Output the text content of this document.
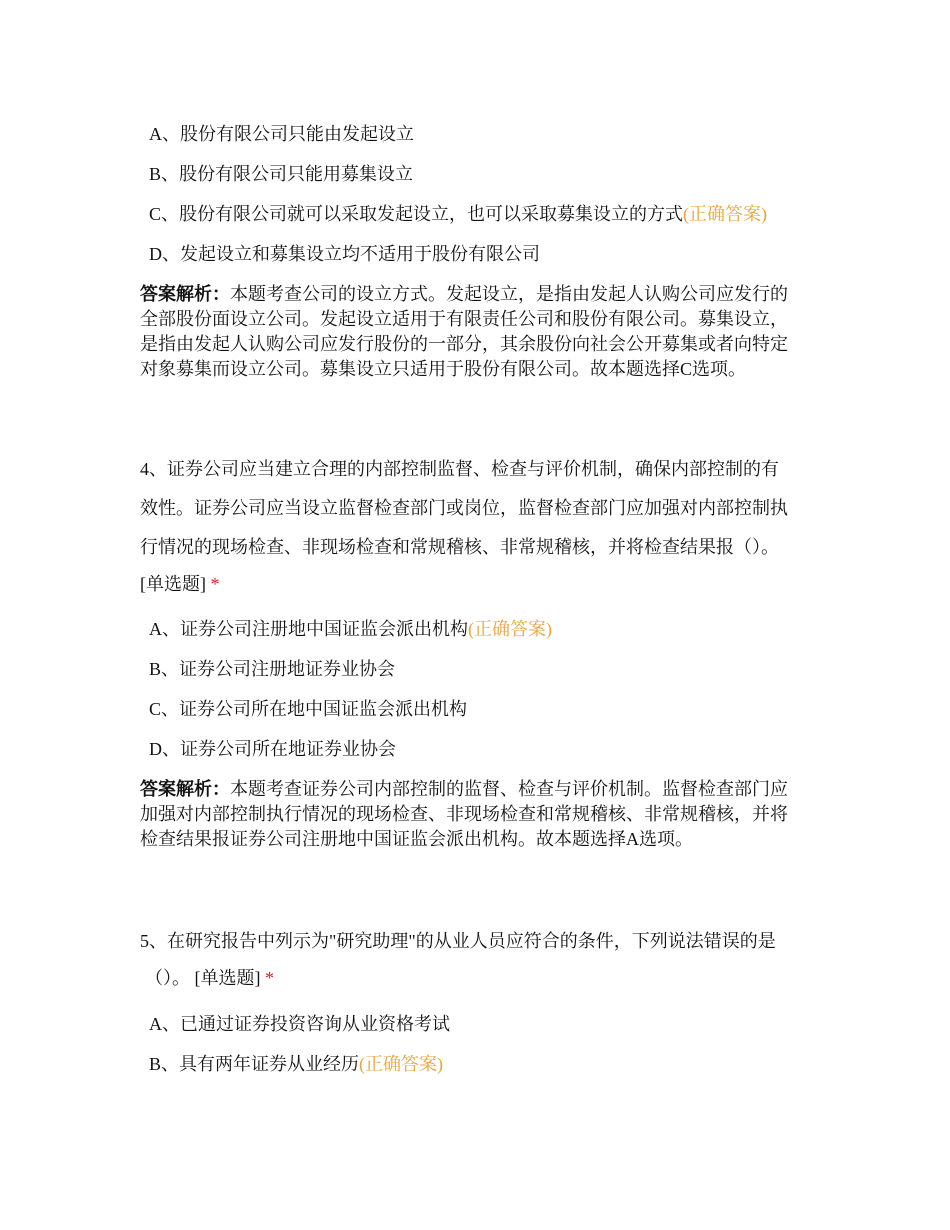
A、股份有限公司只能由发起设立
B、股份有限公司只能用募集设立
C、股份有限公司就可以采取发起设立，也可以采取募集设立的方式(正确答案)
D、发起设立和募集设立均不适用于股份有限公司
答案解析：本题考查公司的设立方式。发起设立，是指由发起人认购公司应发行的
全部股份面设立公司。发起设立适用于有限责任公司和股份有限公司。募集设立，
是指由发起人认购公司应发行股份的一部分，其余股份向社会公开募集或者向特定
对象募集而设立公司。募集设立只适用于股份有限公司。故本题选择C选项。
4、证券公司应当建立合理的内部控制监督、检查与评价机制，确保内部控制的有
效性。证券公司应当设立监督检查部门或岗位，监督检查部门应加强对内部控制执
行情况的现场检查、非现场检查和常规稽核、非常规稽核，并将检查结果报（）。
[单选题] *
A、证券公司注册地中国证监会派出机构(正确答案)
B、证券公司注册地证券业协会
C、证券公司所在地中国证监会派出机构
D、证券公司所在地证券业协会
答案解析：本题考查证券公司内部控制的监督、检查与评价机制。监督检查部门应
加强对内部控制执行情况的现场检查、非现场检查和常规稽核、非常规稽核，并将
检查结果报证券公司注册地中国证监会派出机构。故本题选择A选项。
5、在研究报告中列示为"研究助理"的从业人员应符合的条件，下列说法错误的是
（）。 [单选题] *
A、已通过证券投资咨询从业资格考试
B、具有两年证券从业经历(正确答案)
